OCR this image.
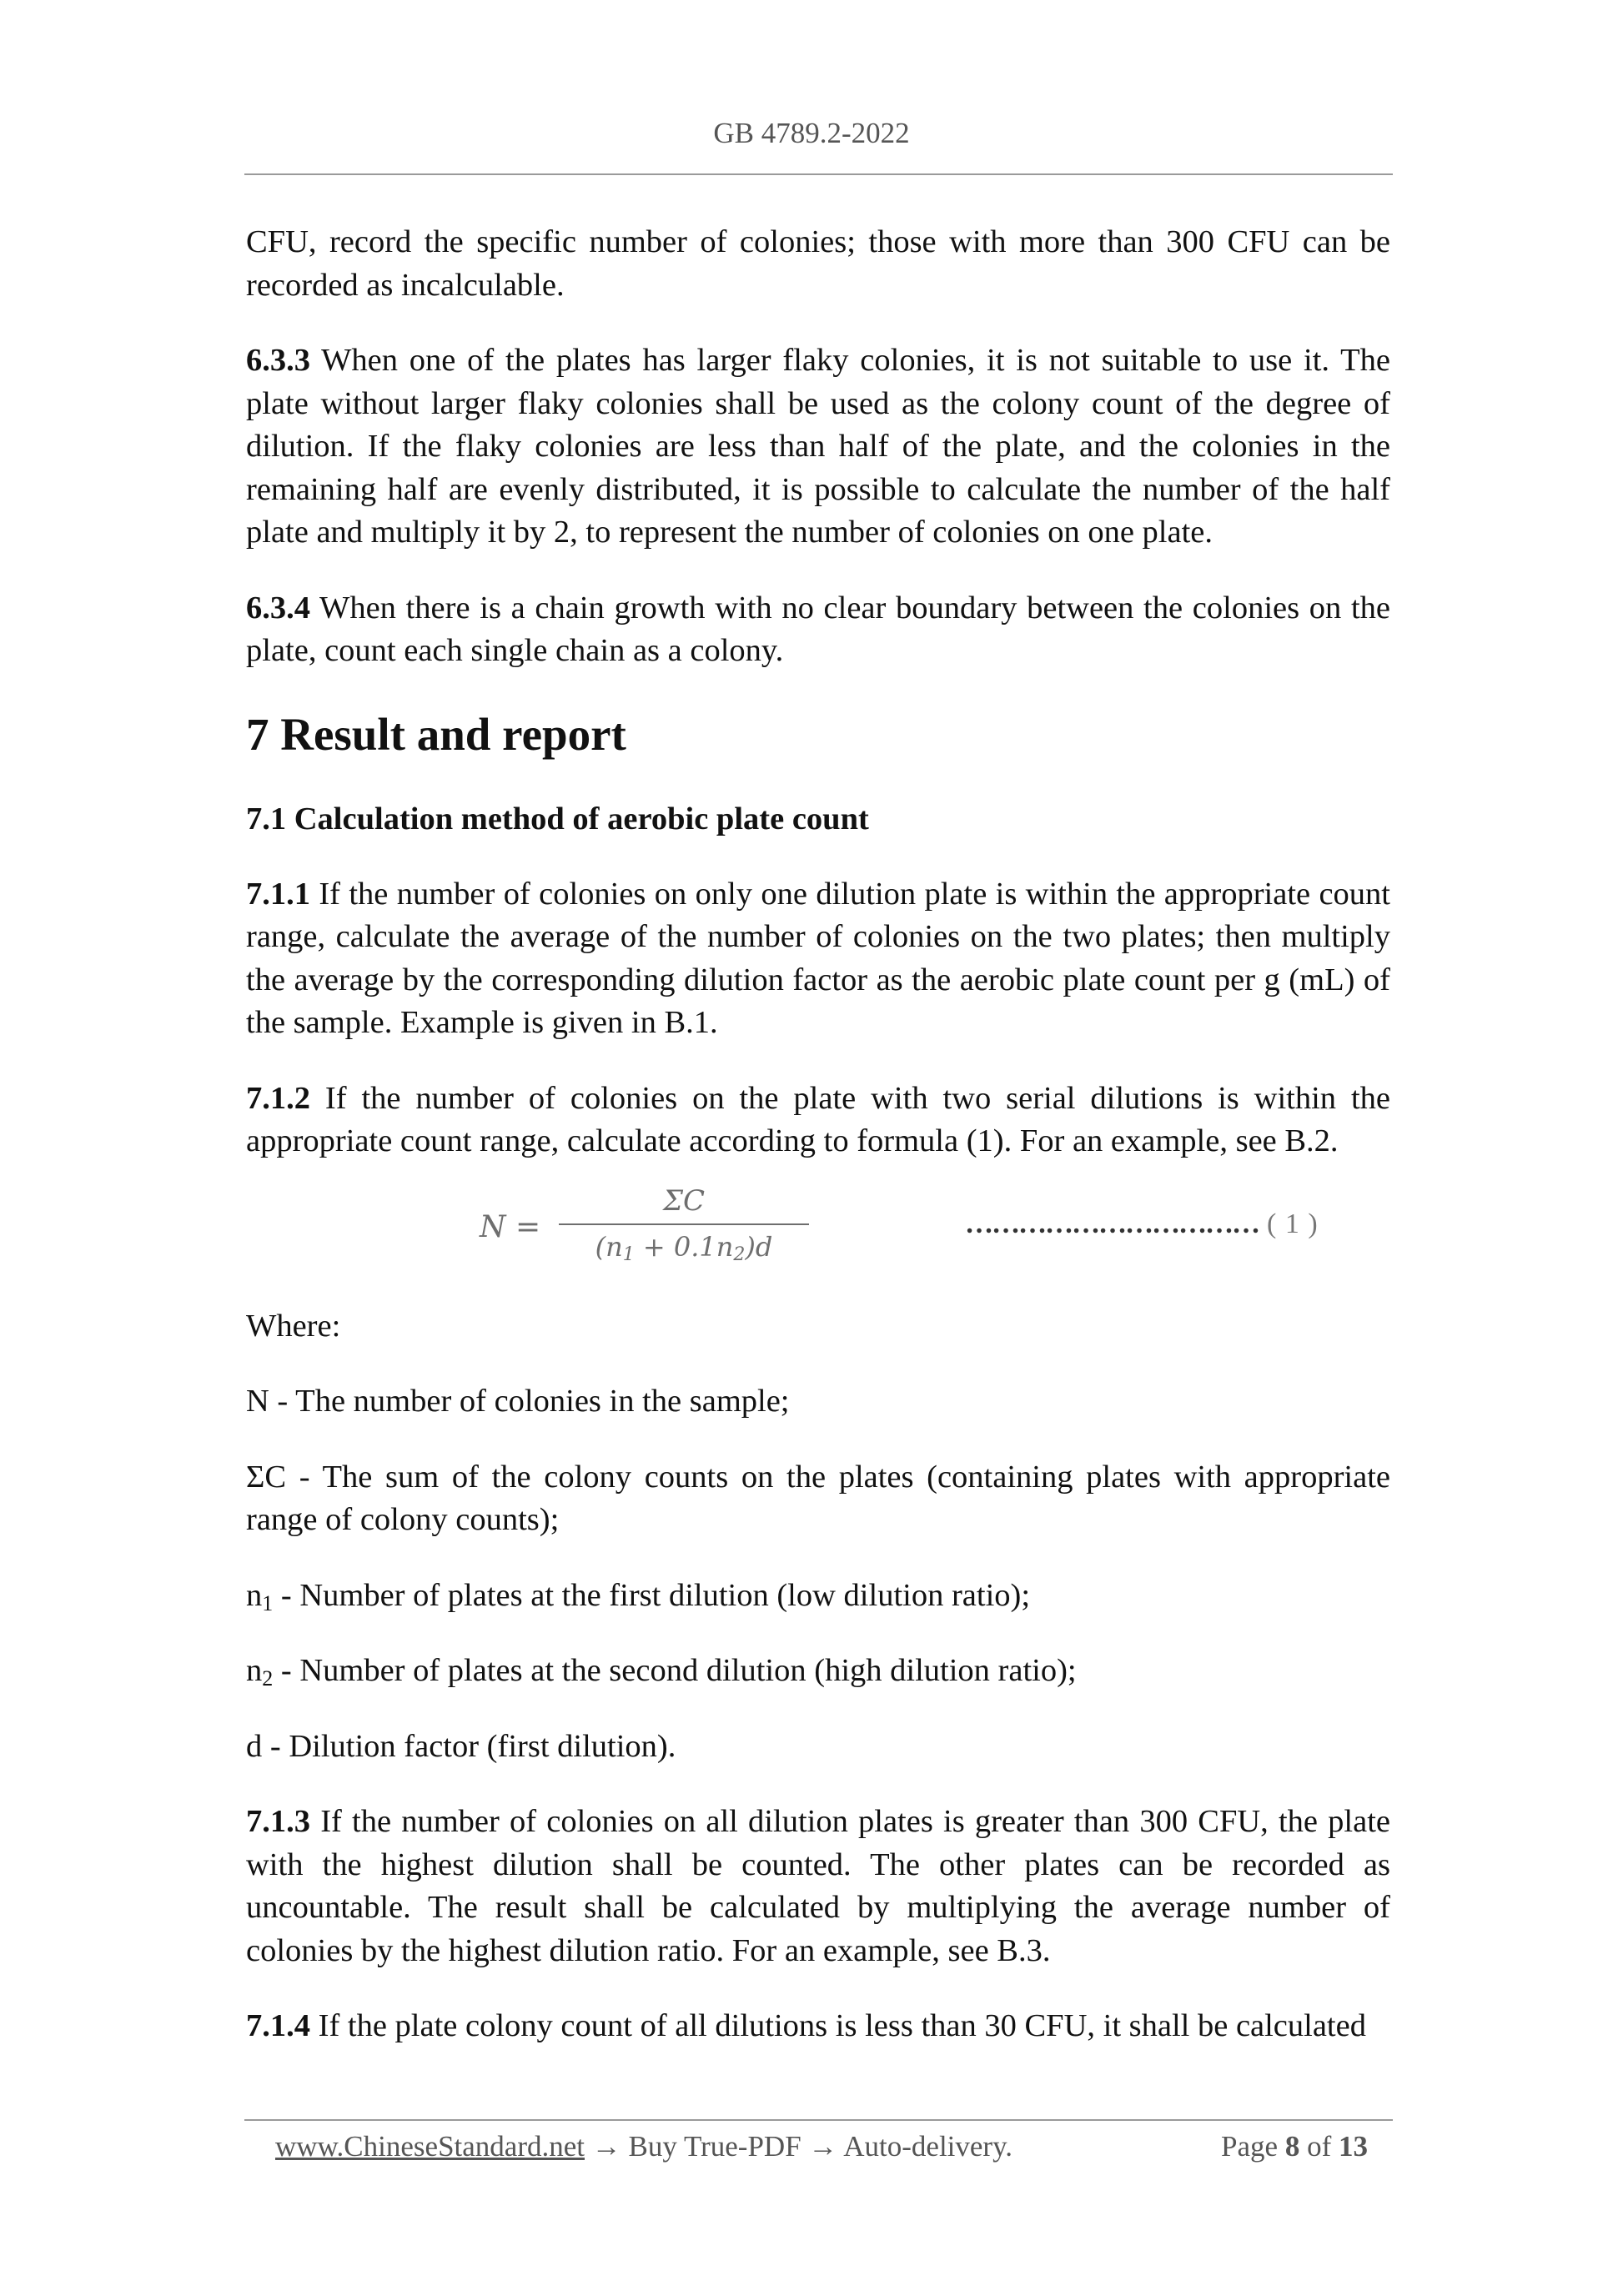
GB 4789.2-2022

CFU, record the specific number of colonies; those with more than 300 CFU can be recorded as incalculable.

6.3.3 When one of the plates has larger flaky colonies, it is not suitable to use it. The plate without larger flaky colonies shall be used as the colony count of the degree of dilution. If the flaky colonies are less than half of the plate, and the colonies in the remaining half are evenly distributed, it is possible to calculate the number of the half plate and multiply it by 2, to represent the number of colonies on one plate.

6.3.4 When there is a chain growth with no clear boundary between the colonies on the plate, count each single chain as a colony.

7 Result and report
7.1 Calculation method of aerobic plate count

7.1.1 If the number of colonies on only one dilution plate is within the appropriate count range, calculate the average of the number of colonies on the two plates; then multiply the average by the corresponding dilution factor as the aerobic plate count per g (mL) of the sample. Example is given in B.1.

7.1.2 If the number of colonies on the plate with two serial dilutions is within the appropriate count range, calculate according to formula (1). For an example, see B.2.

N =
ΣC
$(n_1 + 0.1n_2)d$
…………………………… ( 1 )

Where:

N - The number of colonies in the sample;

ΣC - The sum of the colony counts on the plates (containing plates with appropriate range of colony counts);

$n_1$ - Number of plates at the first dilution (low dilution ratio);

$n_2$ - Number of plates at the second dilution (high dilution ratio);

d - Dilution factor (first dilution).

7.1.3 If the number of colonies on all dilution plates is greater than 300 CFU, the plate with the highest dilution shall be counted. The other plates can be recorded as uncountable. The result shall be calculated by multiplying the average number of colonies by the highest dilution ratio. For an example, see B.3.

7.1.4 If the plate colony count of all dilutions is less than 30 CFU, it shall be calculated

www.ChineseStandard.net → Buy True-PDF → Auto-delivery.	Page 8 of 13
